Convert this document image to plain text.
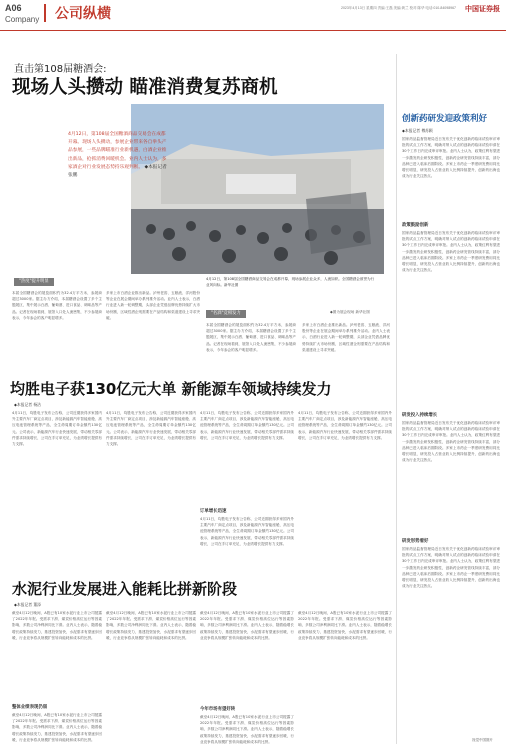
A06
Company 公司纵横	2023年4月13日 星期四 责编:王磊 美编:黄兰 校对:陈华 电话:010-84098967 中国证券报
直击第108届糖酒会:
现场人头攒动 瞄准消费复苏商机
4月12日，第108届全国糖酒商品交易会在成都开幕。现场人头攒动，参展企业带来各自拳头产品参展，一些品牌瞄准行业新机遇，白酒企业推出新品，抢抓消费回暖机会。业内人士认为，多家酒企对行业发展态势持乐观判断。 ◆本报记者 张鹏
4月12日，第108届全国糖酒商品交易会在成都开幕，现场参展企业众多，人流如织。全国糖酒会被誉为行业风向标。新华社图
◆图为展会现场 新华社图
"热度"提升明显
"名酒"竞相发力
本届全国糖酒会的展览面积约为32.4万平方米，参展商超过3000家。据主办方介绍，本届糖酒会设置了多个主题展区，集中展示白酒、葡萄酒、进口食品、调味品等产品。记者在现场看到，展馆入口处人流密集，不少参展商表示，今年参会的客户明显增多。
多家上市白酒企业推出新品。泸州老窖、五粮液、洋河股份等企业在展会期间举办系列推介活动。业内人士表示，白酒行业进入新一轮调整期，头部企业凭借品牌优势持续扩大市场份额，区域性酒企则需要在产品结构和渠道建设上寻求突破。
本届全国糖酒会的展览面积约为32.4万平方米，参展商超过3000家。据主办方介绍，本届糖酒会设置了多个主题展区，集中展示白酒、葡萄酒、进口食品、调味品等产品。记者在现场看到，展馆入口处人流密集，不少参展商表示，今年参会的客户明显增多。
多家上市白酒企业推出新品。泸州老窖、五粮液、洋河股份等企业在展会期间举办系列推介活动。业内人士表示，白酒行业进入新一轮调整期，头部企业凭借品牌优势持续扩大市场份额，区域性酒企则需要在产品结构和渠道建设上寻求突破。
创新药研发迎政策利好
◆本报记者 傅苏颖
国家药品监督管理局近日发布关于优化创新药临床试验审评审批的试点工作方案，明确对纳入试点的创新药临床试验申请在30个工作日内完成审评审批。业内人士认为，政策红利有望进一步激发药企研发积极性，创新药企研发管线持续丰富，部分品种已进入临床后期阶段。多家上市药企一季度研发费用同比增长明显，研发投入占营业收入比例持续提升，创新药出海也成为行业关注热点。
政策鼓励创新
国家药品监督管理局近日发布关于优化创新药临床试验审评审批的试点工作方案，明确对纳入试点的创新药临床试验申请在30个工作日内完成审评审批。业内人士认为，政策红利有望进一步激发药企研发积极性，创新药企研发管线持续丰富，部分品种已进入临床后期阶段。多家上市药企一季度研发费用同比增长明显，研发投入占营业收入比例持续提升，创新药出海也成为行业关注热点。
研发投入持续增长
国家药品监督管理局近日发布关于优化创新药临床试验审评审批的试点工作方案，明确对纳入试点的创新药临床试验申请在30个工作日内完成审评审批。业内人士认为，政策红利有望进一步激发药企研发积极性，创新药企研发管线持续丰富，部分品种已进入临床后期阶段。多家上市药企一季度研发费用同比增长明显，研发投入占营业收入比例持续提升，创新药出海也成为行业关注热点。
研发形势看好
国家药品监督管理局近日发布关于优化创新药临床试验审评审批的试点工作方案，明确对纳入试点的创新药临床试验申请在30个工作日内完成审评审批。业内人士认为，政策红利有望进一步激发药企研发积极性，创新药企研发管线持续丰富，部分品种已进入临床后期阶段。多家上市药企一季度研发费用同比增长明显，研发投入占营业收入比例持续提升，创新药出海也成为行业关注热点。
视觉中国图片
均胜电子获130亿元大单 新能源车领域持续发力
◆本报记者 杨洁
4月11日，均胜电子发布公告称，公司近期获得多家国内外主要汽车厂商定点项目，涉及新能源汽车智能座舱、高压电池管理系统等产品，全生命周期订单金额约130亿元。公司表示，新能源汽车行业快速发展，带动相关零部件需求持续增长，公司在手订单充足，为业绩增长提供有力支撑。
4月11日，均胜电子发布公告称，公司近期获得多家国内外主要汽车厂商定点项目，涉及新能源汽车智能座舱、高压电池管理系统等产品，全生命周期订单金额约130亿元。公司表示，新能源汽车行业快速发展，带动相关零部件需求持续增长，公司在手订单充足，为业绩增长提供有力支撑。
4月11日，均胜电子发布公告称，公司近期获得多家国内外主要汽车厂商定点项目，涉及新能源汽车智能座舱、高压电池管理系统等产品，全生命周期订单金额约130亿元。公司表示，新能源汽车行业快速发展，带动相关零部件需求持续增长，公司在手订单充足，为业绩增长提供有力支撑。
订单增长迅速
4月11日，均胜电子发布公告称，公司近期获得多家国内外主要汽车厂商定点项目，涉及新能源汽车智能座舱、高压电池管理系统等产品，全生命周期订单金额约130亿元。公司表示，新能源汽车行业快速发展，带动相关零部件需求持续增长，公司在手订单充足，为业绩增长提供有力支撑。
4月11日，均胜电子发布公告称，公司近期获得多家国内外主要汽车厂商定点项目，涉及新能源汽车智能座舱、高压电池管理系统等产品，全生命周期订单金额约130亿元。公司表示，新能源汽车行业快速发展，带动相关零部件需求持续增长，公司在手订单充足，为业绩增长提供有力支撑。
水泥行业发展进入能耗比拼新阶段
◆本报记者 董添
截至4月12日晚间，A股已有10家水泥行业上市公司披露了2022年年报。受需求下滑、煤炭价格高位运行等因素影响，多数公司净利润同比下滑。业内人士表示，随着稳增长政策持续发力，基建投资加快，水泥需求有望逐步回暖，行业竞争将从规模扩张转向能耗和成本的比拼。
整体业绩表现仍弱
截至4月12日晚间，A股已有10家水泥行业上市公司披露了2022年年报。受需求下滑、煤炭价格高位运行等因素影响，多数公司净利润同比下滑。业内人士表示，随着稳增长政策持续发力，基建投资加快，水泥需求有望逐步回暖，行业竞争将从规模扩张转向能耗和成本的比拼。
截至4月12日晚间，A股已有10家水泥行业上市公司披露了2022年年报。受需求下滑、煤炭价格高位运行等因素影响，多数公司净利润同比下滑。业内人士表示，随着稳增长政策持续发力，基建投资加快，水泥需求有望逐步回暖，行业竞争将从规模扩张转向能耗和成本的比拼。
截至4月12日晚间，A股已有10家水泥行业上市公司披露了2022年年报。受需求下滑、煤炭价格高位运行等因素影响，多数公司净利润同比下滑。业内人士表示，随着稳增长政策持续发力，基建投资加快，水泥需求有望逐步回暖，行业竞争将从规模扩张转向能耗和成本的比拼。
今年市场有望好转
截至4月12日晚间，A股已有10家水泥行业上市公司披露了2022年年报。受需求下滑、煤炭价格高位运行等因素影响，多数公司净利润同比下滑。业内人士表示，随着稳增长政策持续发力，基建投资加快，水泥需求有望逐步回暖，行业竞争将从规模扩张转向能耗和成本的比拼。
截至4月12日晚间，A股已有10家水泥行业上市公司披露了2022年年报。受需求下滑、煤炭价格高位运行等因素影响，多数公司净利润同比下滑。业内人士表示，随着稳增长政策持续发力，基建投资加快，水泥需求有望逐步回暖，行业竞争将从规模扩张转向能耗和成本的比拼。
